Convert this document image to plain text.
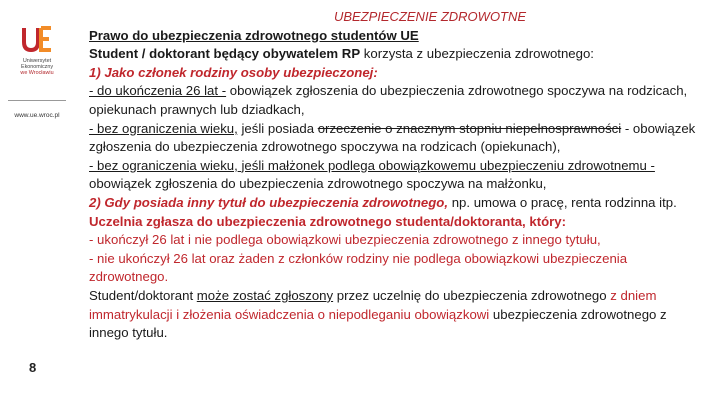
Uniwersytet
Ekonomiczny
we Wrocławiu
www.ue.wroc.pl
8

UBEZPIECZENIE ZDROWOTNE

Prawo do ubezpieczenia zdrowotnego studentów UE

Student / doktorant będący obywatelem RP korzysta z ubezpieczenia zdrowotnego:

1) Jako członek rodziny osoby ubezpieczonej:

- do ukończenia 26 lat - obowiązek zgłoszenia do ubezpieczenia zdrowotnego spoczywa na rodzicach, opiekunach prawnych lub dziadkach,

- bez ograniczenia wieku, jeśli posiada orzeczenie o znacznym stopniu niepełnosprawności - obowiązek zgłoszenia do ubezpieczenia zdrowotnego spoczywa na rodzicach (opiekunach),

- bez ograniczenia wieku, jeśli małżonek podlega obowiązkowemu ubezpieczeniu zdrowotnemu - obowiązek zgłoszenia do ubezpieczenia zdrowotnego spoczywa na małżonku,

2) Gdy posiada inny tytuł do ubezpieczenia zdrowotnego, np. umowa o pracę, renta rodzinna itp.

Uczelnia zgłasza do ubezpieczenia zdrowotnego studenta/doktoranta, który:

- ukończył 26 lat i nie podlega obowiązkowi ubezpieczenia zdrowotnego z innego tytułu,

- nie ukończył 26 lat oraz żaden z członków rodziny nie podlega obowiązkowi ubezpieczenia zdrowotnego.

Student/doktorant może zostać zgłoszony przez uczelnię do ubezpieczenia zdrowotnego z dniem immatrykulacji i złożenia oświadczenia o niepodleganiu obowiązkowi ubezpieczenia zdrowotnego z innego tytułu.
